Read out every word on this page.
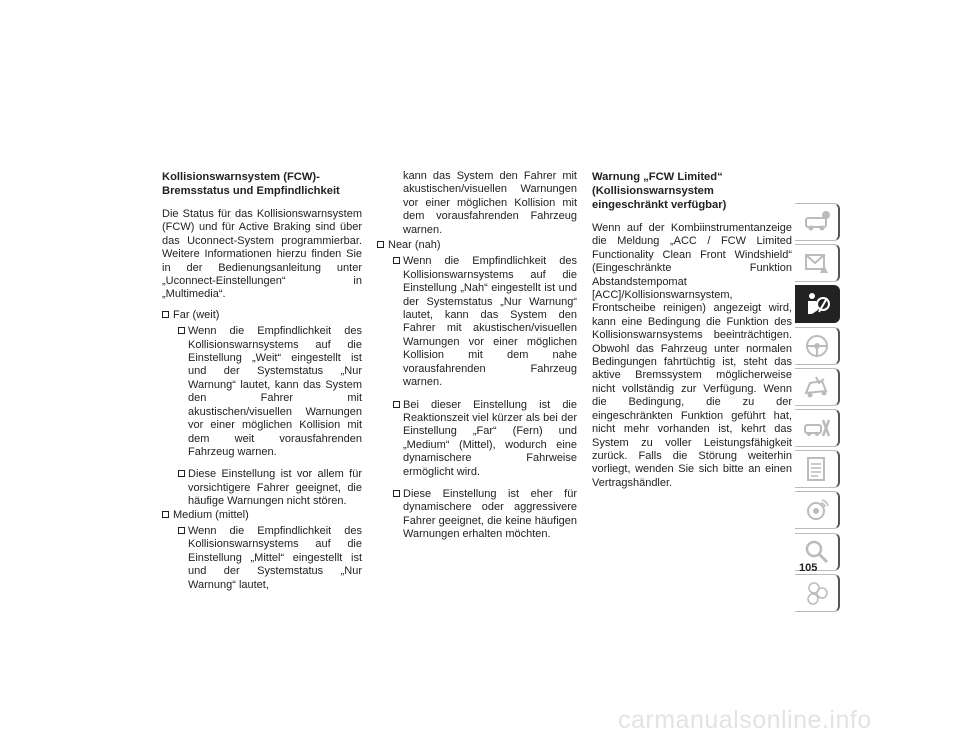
Kollisionswarnsystem (FCW)-Bremsstatus und Empfindlichkeit

Die Status für das Kollisionswarnsystem (FCW) und für Active Braking sind über das Uconnect-System programmierbar. Weitere Informationen hierzu finden Sie in der Bedienungsanleitung unter „Uconnect-Einstellungen“ in „Multimedia“.

Far (weit)
Wenn die Empfindlichkeit des Kollisionswarnsystems auf die Einstellung „Weit“ eingestellt ist und der Systemstatus „Nur Warnung“ lautet, kann das System den Fahrer mit akustischen/visuellen Warnungen vor einer möglichen Kollision mit dem weit vorausfahrenden Fahrzeug warnen.
Diese Einstellung ist vor allem für vorsichtigere Fahrer geeignet, die häufige Warnungen nicht stören.
Medium (mittel)
Wenn die Empfindlichkeit des Kollisionswarnsystems auf die Einstellung „Mittel“ eingestellt ist und der Systemstatus „Nur Warnung“ lautet,
kann das System den Fahrer mit akustischen/visuellen Warnungen vor einer möglichen Kollision mit dem vorausfahrenden Fahrzeug warnen.
Near (nah)
Wenn die Empfindlichkeit des Kollisionswarnsystems auf die Einstellung „Nah“ eingestellt ist und der Systemstatus „Nur Warnung“ lautet, kann das System den Fahrer mit akustischen/visuellen Warnungen vor einer möglichen Kollision mit dem nahe vorausfahrenden Fahrzeug warnen.
Bei dieser Einstellung ist die Reaktionszeit viel kürzer als bei der Einstellung „Far“ (Fern) und „Medium“ (Mittel), wodurch eine dynamischere Fahrweise ermöglicht wird.
Diese Einstellung ist eher für dynamischere oder aggressivere Fahrer geeignet, die keine häufigen Warnungen erhalten möchten.
Warnung „FCW Limited“ (Kollisionswarnsystem eingeschränkt verfügbar)

Wenn auf der Kombiinstrumentanzeige die Meldung „ACC / FCW Limited Functionality Clean Front Windshield“ (Eingeschränkte Funktion Abstandstempomat [ACC]/Kollisionswarnsystem, Frontscheibe reinigen) angezeigt wird, kann eine Bedingung die Funktion des Kollisionswarnsystems beeinträchtigen. Obwohl das Fahrzeug unter normalen Bedingungen fahrtüchtig ist, steht das aktive Bremssystem möglicherweise nicht vollständig zur Verfügung. Wenn die Bedingung, die zu der eingeschränkten Funktion geführt hat, nicht mehr vorhanden ist, kehrt das System zu voller Leistungsfähigkeit zurück. Falls die Störung weiterhin vorliegt, wenden Sie sich bitte an einen Vertragshändler.

105
carmanualsonline.info
